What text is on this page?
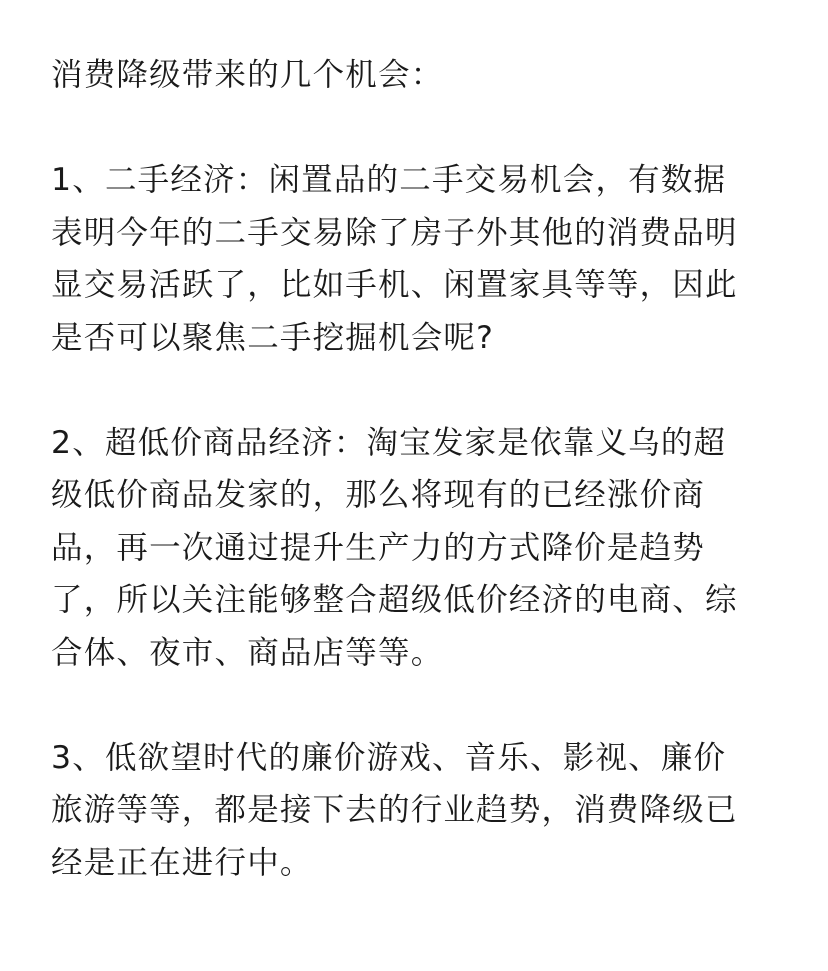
消费降级带来的几个机会：

1、二手经济：闲置品的二手交易机会，有数据

表明今年的二手交易除了房子外其他的消费品明

显交易活跃了，比如手机、闲置家具等等，因此

是否可以聚焦二手挖掘机会呢?

2、超低价商品经济：淘宝发家是依靠义乌的超

级低价商品发家的，那么将现有的已经涨价商

品，再一次通过提升生产力的方式降价是趋势

了，所以关注能够整合超级低价经济的电商、综

合体、夜市、商品店等等。

3、低欲望时代的廉价游戏、音乐、影视、廉价

旅游等等，都是接下去的行业趋势，消费降级已

经是正在进行中。
